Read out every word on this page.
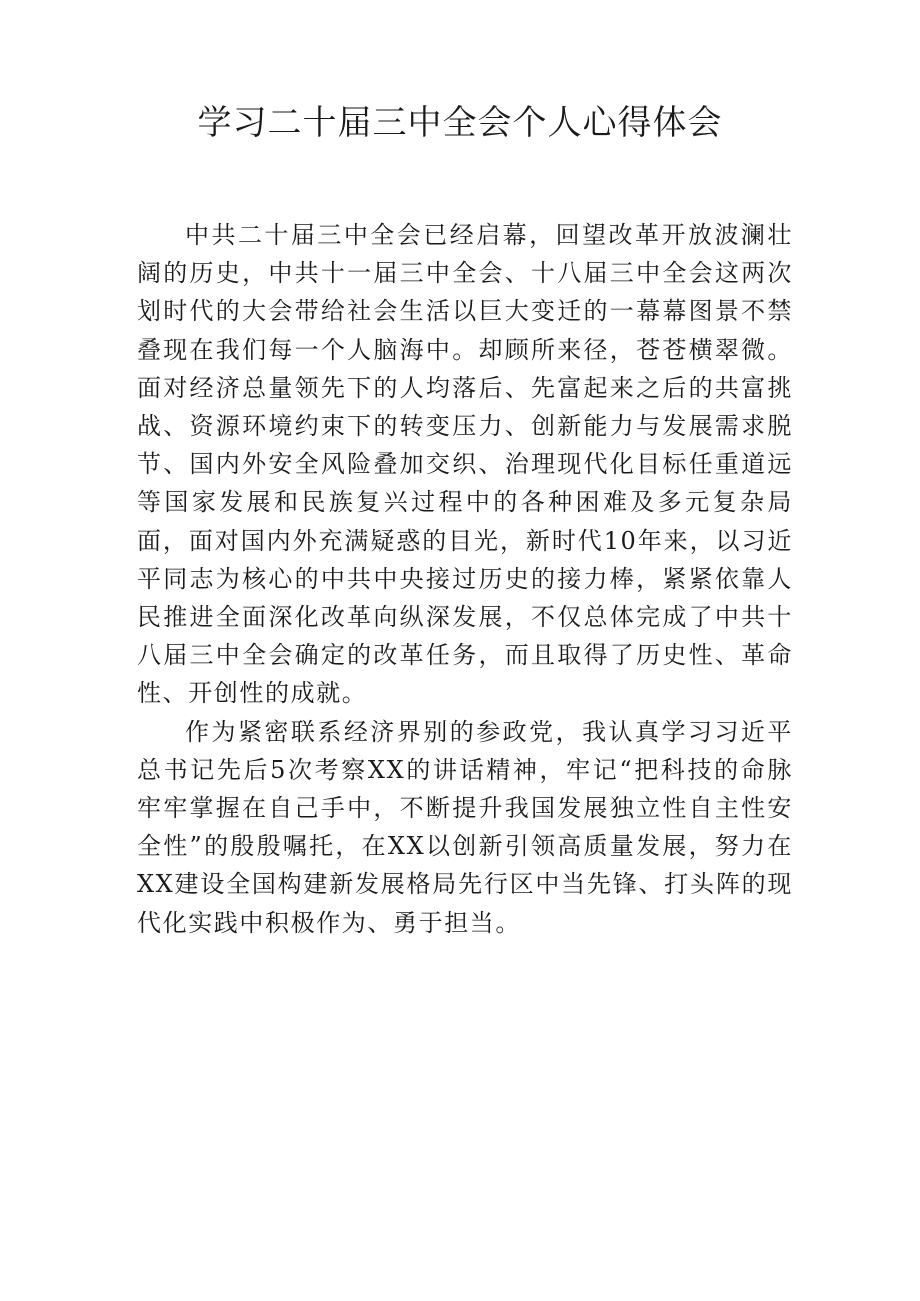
学习二十届三中全会个人心得体会

中共二十届三中全会已经启幕，回望改革开放波澜壮阔的历史，中共十一届三中全会、十八届三中全会这两次划时代的大会带给社会生活以巨大变迁的一幕幕图景不禁叠现在我们每一个人脑海中。却顾所来径，苍苍横翠微。面对经济总量领先下的人均落后、先富起来之后的共富挑战、资源环境约束下的转变压力、创新能力与发展需求脱节、国内外安全风险叠加交织、治理现代化目标任重道远等国家发展和民族复兴过程中的各种困难及多元复杂局面，面对国内外充满疑惑的目光，新时代10年来，以习近平同志为核心的中共中央接过历史的接力棒，紧紧依靠人民推进全面深化改革向纵深发展，不仅总体完成了中共十八届三中全会确定的改革任务，而且取得了历史性、革命性、开创性的成就。

作为紧密联系经济界别的参政党，我认真学习习近平总书记先后5次考察XX的讲话精神，牢记“把科技的命脉牢牢掌握在自己手中，不断提升我国发展独立性自主性安全性”的殷殷嘱托，在XX以创新引领高质量发展，努力在XX建设全国构建新发展格局先行区中当先锋、打头阵的现代化实践中积极作为、勇于担当。
